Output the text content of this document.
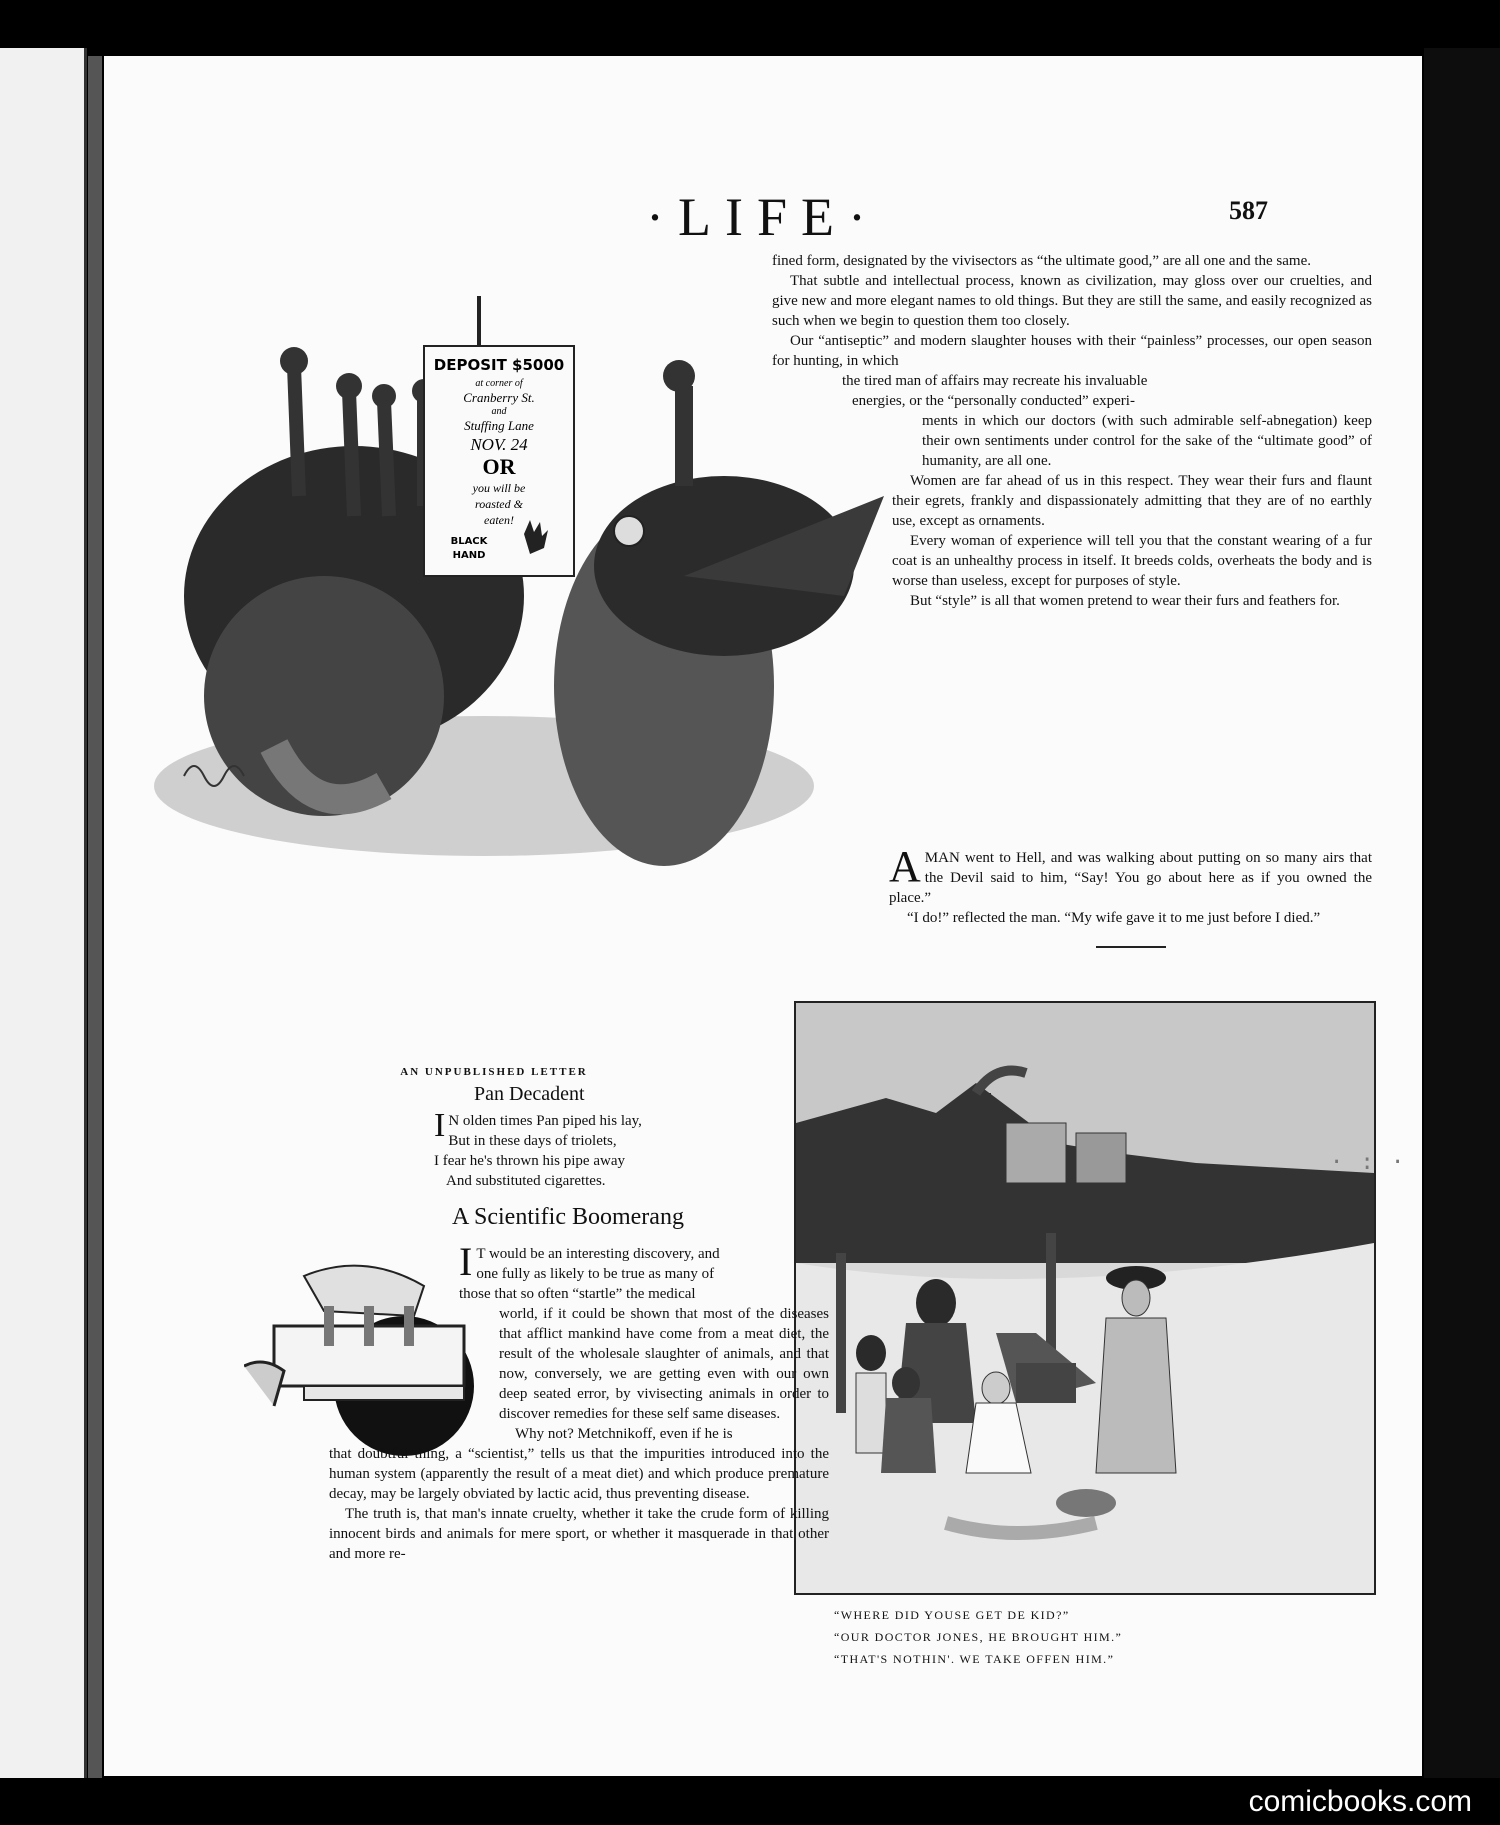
·LIFE·	587
DEPOSIT $5000
at corner of
Cranberry St.
and
Stuffing Lane
NOV. 24
OR
you will be
roasted &
eaten!
BLACK
HAND
AN UNPUBLISHED LETTER

fined form, designated by the vivisectors as “the ultimate good,” are all one and the same.

That subtle and intellectual process, known as civilization, may gloss over our cruelties, and give new and more elegant names to old things. But they are still the same, and easily recognized as such when we begin to question them too closely.

Our “antiseptic” and modern slaughter houses with their “painless” processes, our open season for hunting, in which

the tired man of affairs may recreate his invaluable

energies, or the “personally conducted” experi-

ments in which our doctors (with such admirable self-abnegation) keep their own sentiments under control for the sake of the “ultimate good” of humanity, are all one.

Women are far ahead of us in this respect. They wear their furs and flaunt their egrets, frankly and dispassionately admitting that they are of no earthly use, except as ornaments.

Every woman of experience will tell you that the constant wearing of a fur coat is an unhealthy process in itself. It breeds colds, overheats the body and is worse than useless, except for purposes of style.

But “style” is all that women pretend to wear their furs and feathers for.

AMAN went to Hell, and was walking about putting on so many airs that the Devil said to him, “Say! You go about here as if you owned the place.”

“I do!” reflected the man. “My wife gave it to me just before I died.”

“WHERE DID YOUSE GET DE KID?”
“OUR DOCTOR JONES, HE BROUGHT HIM.”
“THAT'S NOTHIN'. WE TAKE OFFEN HIM.”
Pan Decadent
I N olden times Pan piped his lay,
But in these days of triolets,
I fear he's thrown his pipe away
And substituted cigarettes.
A Scientific Boomerang
I T would be an interesting discovery, and
one fully as likely to be true as many of
those that so often “startle” the medical

world, if it could be shown that most of the diseases that afflict mankind have come from a meat diet, the result of the wholesale slaughter of animals, and that now, conversely, we are getting even with our own deep seated error, by vivisecting animals in order to discover remedies for these self same diseases.

Why not? Metchnikoff, even if he is

that doubtful thing, a “scientist,” tells us that the impurities introduced into the human system (apparently the result of a meat diet) and which produce premature decay, may be largely obviated by lactic acid, thus preventing disease.

The truth is, that man's innate cruelty, whether it take the crude form of killing innocent birds and animals for mere sport, or whether it masquerade in that other and more re-

· : ·
comicbooks.com
